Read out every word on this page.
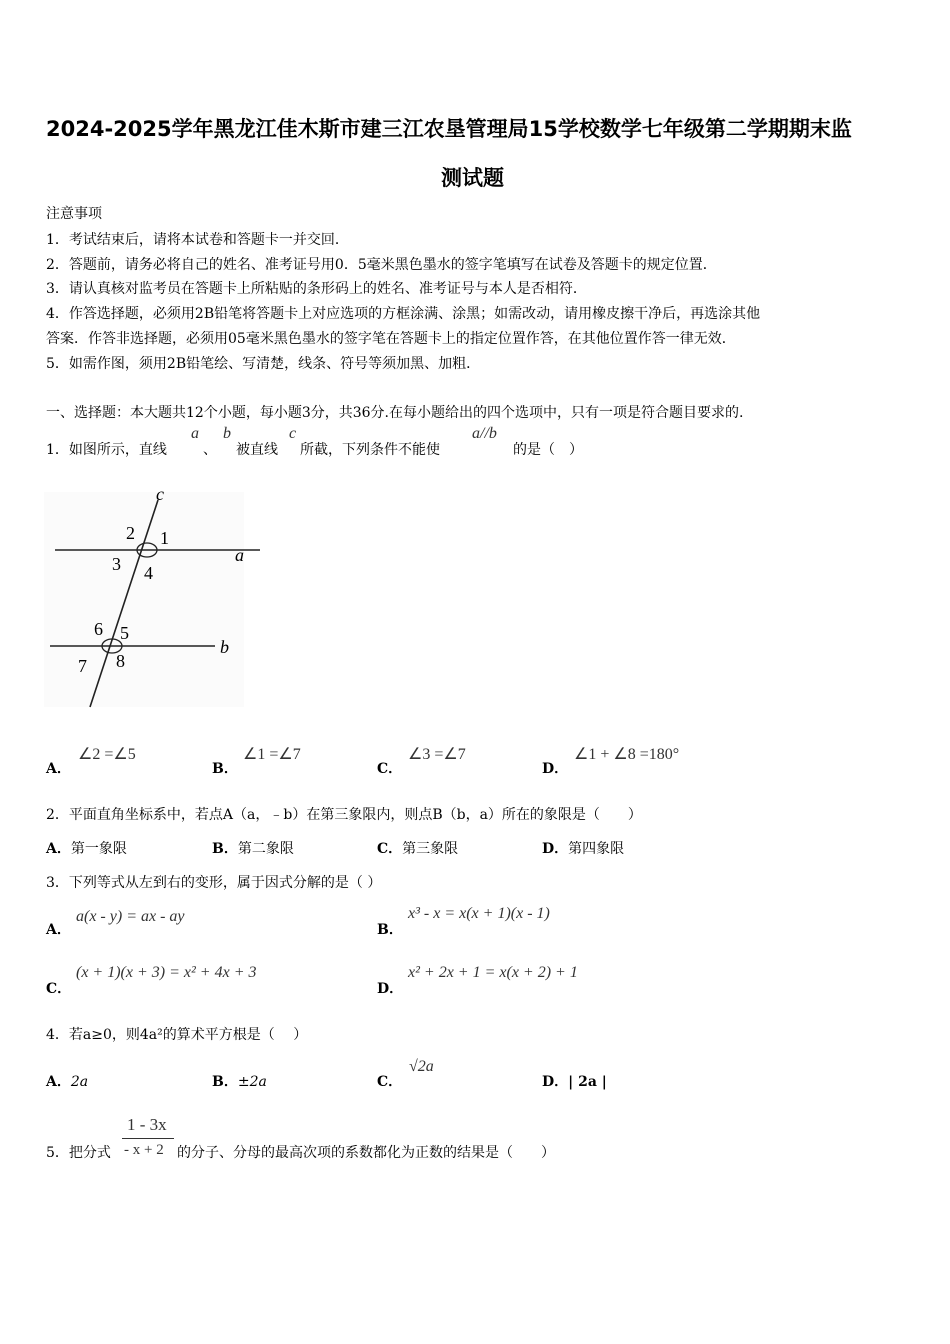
2024-2025学年黑龙江佳木斯市建三江农垦管理局15学校数学七年级第二学期期末监
测试题
注意事项
1．考试结束后，请将本试卷和答题卡一并交回．
2．答题前，请务必将自己的姓名、准考证号用0．5毫米黑色墨水的签字笔填写在试卷及答题卡的规定位置．
3．请认真核对监考员在答题卡上所粘贴的条形码上的姓名、准考证号与本人是否相符．
4．作答选择题，必须用2B铅笔将答题卡上对应选项的方框涂满、涂黑；如需改动，请用橡皮擦干净后，再选涂其他
答案．作答非选择题，必须用05毫米黑色墨水的签字笔在答题卡上的指定位置作答，在其他位置作答一律无效．
5．如需作图，须用2B铅笔绘、写清楚，线条、符号等须加黑、加粗．
一、选择题：本大题共12个小题，每小题3分，共36分.在每小题给出的四个选项中，只有一项是符合题目要求的.
1．如图所示，直线
a
、
b
被直线
c
所截，下列条件不能使
a//b
的是（　）
c
a
b
1
2
3 4
5
6
7 8
A．
∠2 =∠5
B．
∠1 =∠7
C．
∠3 =∠7
D．
∠1 + ∠8 =180°
2．平面直角坐标系中，若点A（a，﹣b）在第三象限内，则点B（b，a）所在的象限是（　　）
A．第一象限	B．第二象限	C．第三象限	D．第四象限
3．下列等式从左到右的变形，属于因式分解的是（ ）
A．
a(x - y) = ax - ay
B．
x³ - x = x(x + 1)(x - 1)
C．
(x + 1)(x + 3) = x² + 4x + 3
D．
x² + 2x + 1 = x(x + 2) + 1
4．若a≥0，则4a²的算术平方根是（　 ）
A．2a	B．±2a	C．
√2a
D．| 2a |
5．把分式
1 - 3x
- x + 2 的分子、分母的最高次项的系数都化为正数的结果是（　　）
